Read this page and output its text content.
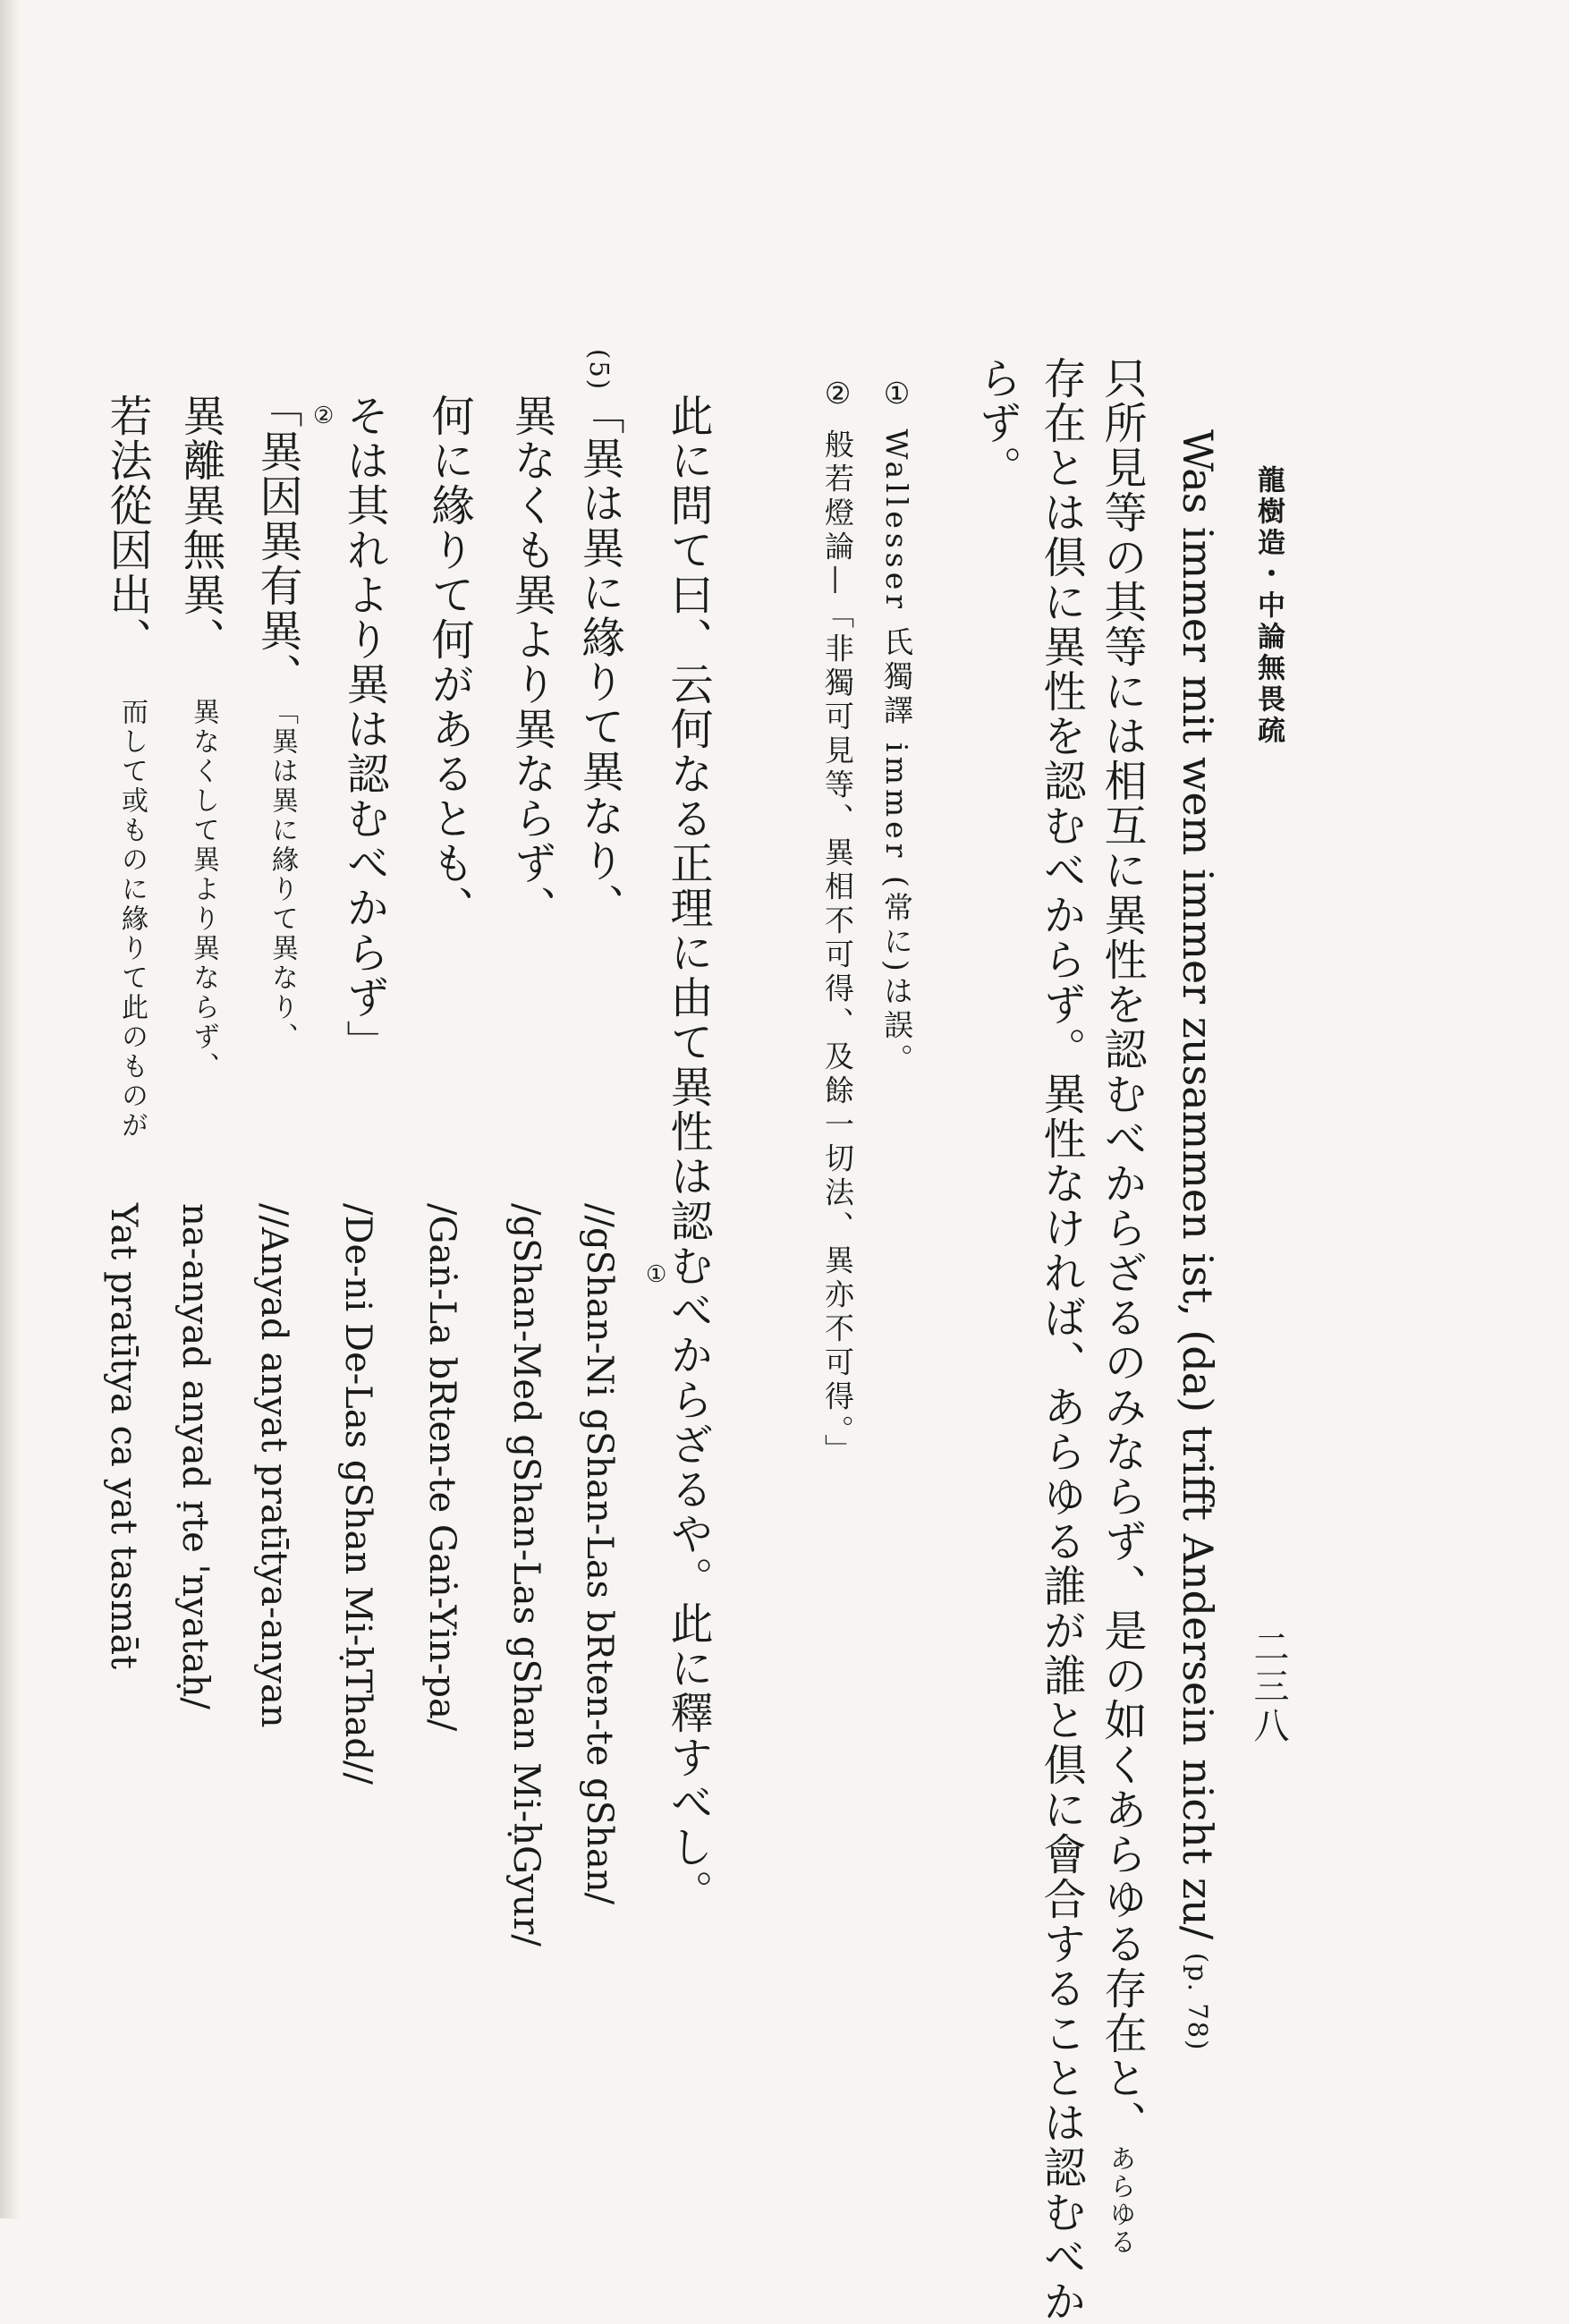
龍樹造・中論無畏疏
二三八
Was immer mit wem immer zusammen ist, (da) trifft Andersein nicht zu/ (p. 78)
只所見等の其等には相互に異性を認むべからざるのみならず、是の如くあらゆる存在と、あらゆる
存在とは倶に異性を認むべからず。異性なければ、あらゆる誰が誰と倶に會合することは認むべか
らず。
① Wallesser 氏獨譯 immer (常に)は誤。
② 般若燈論—「非獨可見等、異相不可得、及餘一切法、異亦不可得。」
此に問て曰、云何なる正理に由て異性は認むべからざるや。此に釋すべし。
(5)「異は異に緣りて異なり、
異なくも異より異ならず、
何に緣りて何があるとも、
そは其れより異は認むべからず」
①
//gShan-Ni gShan-Las bRten-te gShan/
/gShan-Med gShan-Las gShan Mi-ḥGyur/
/Gaṅ-La bRten-te Gaṅ-Yin-pa/
/De-ni De-Las gShan Mi-ḥThad//
②
「異因異有異、
「異は異に緣りて異なり、
//Anyad anyat pratītya-anyan
異離異無異、
異なくして異より異ならず、
na-anyad anyad ṛte 'nyataḥ/
若法從因出、
而して或ものに緣りて此のものが
Yat pratītya ca yat tasmāt
